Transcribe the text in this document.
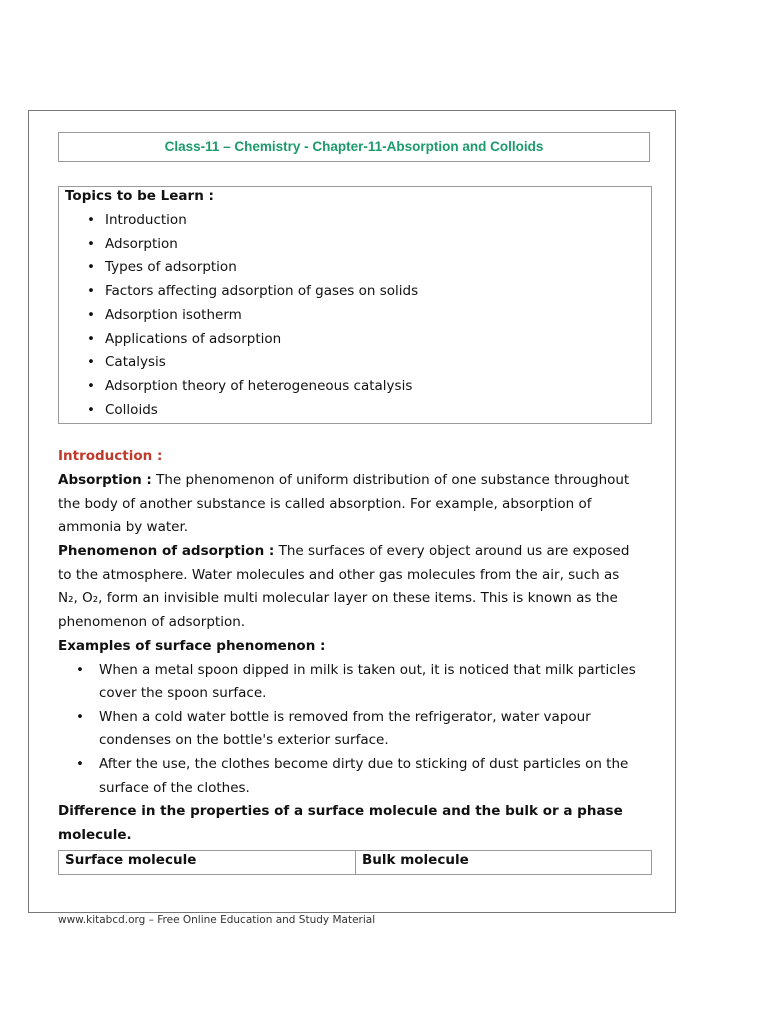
Class-11 – Chemistry - Chapter-11-Absorption and Colloids
Topics to be Learn :
• Introduction
• Adsorption
• Types of adsorption
• Factors affecting adsorption of gases on solids
• Adsorption isotherm
• Applications of adsorption
• Catalysis
• Adsorption theory of heterogeneous catalysis
• Colloids
Introduction :
Absorption : The phenomenon of uniform distribution of one substance throughout
the body of another substance is called absorption. For example, absorption of
ammonia by water.
Phenomenon of adsorption : The surfaces of every object around us are exposed
to the atmosphere. Water molecules and other gas molecules from the air, such as
N₂, O₂, form an invisible multi molecular layer on these items. This is known as the
phenomenon of adsorption.
Examples of surface phenomenon :
• When a metal spoon dipped in milk is taken out, it is noticed that milk particles
cover the spoon surface.
• When a cold water bottle is removed from the refrigerator, water vapour
condenses on the bottle's exterior surface.
• After the use, the clothes become dirty due to sticking of dust particles on the
surface of the clothes.
Difference in the properties of a surface molecule and the bulk or a phase
molecule.
Surface molecule	Bulk molecule
www.kitabcd.org – Free Online Education and Study Material
